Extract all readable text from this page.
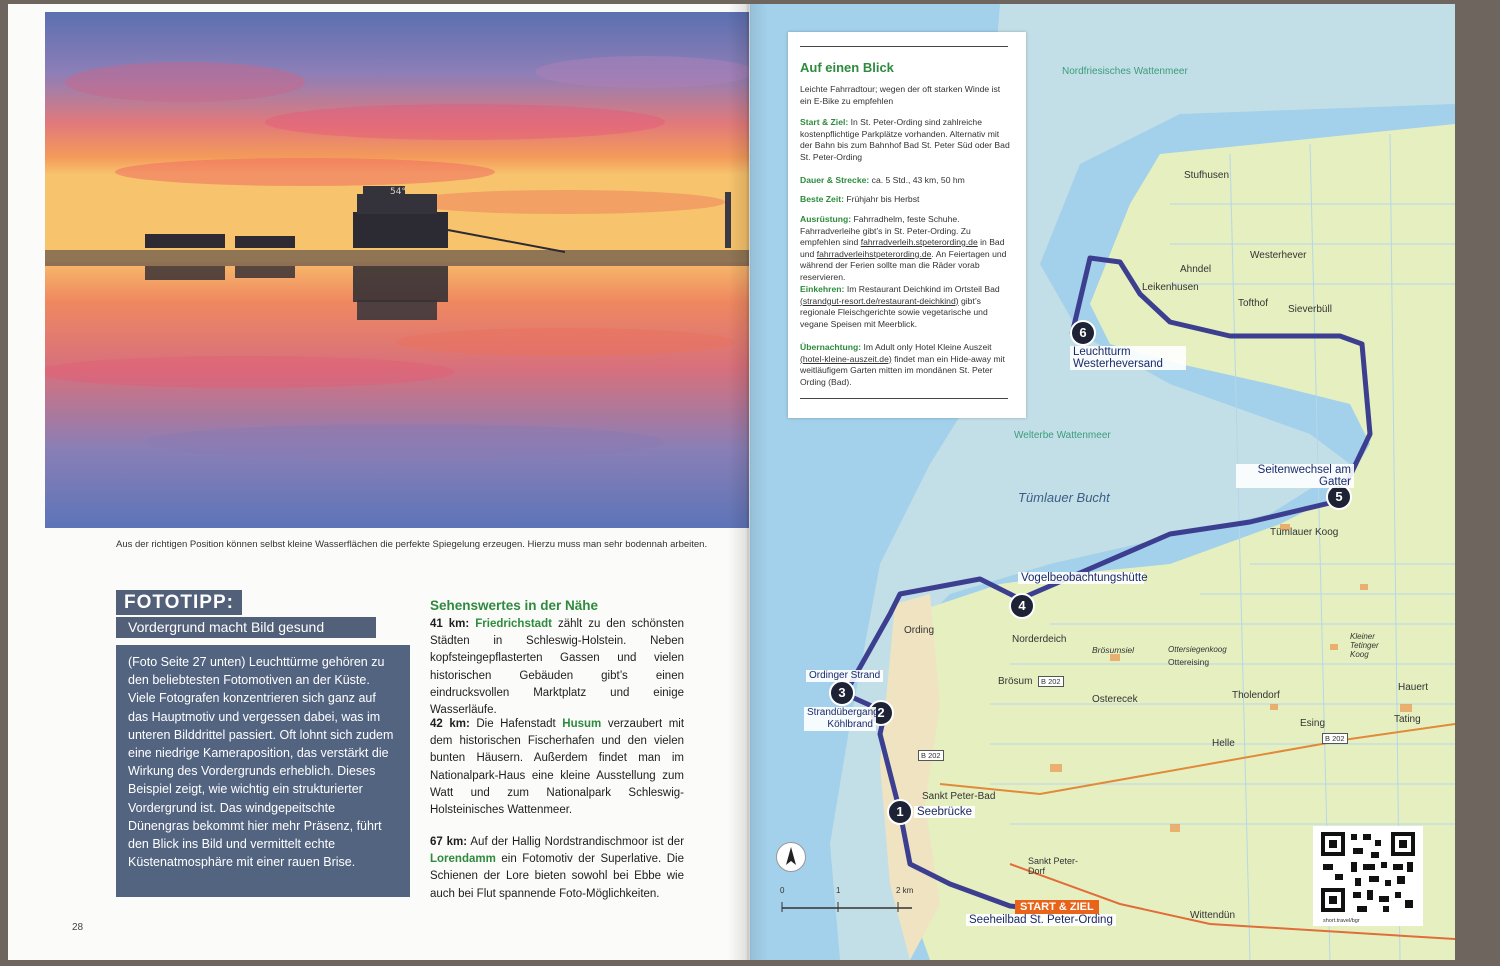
54°
Aus der richtigen Position können selbst kleine Wasserflächen die perfekte Spiegelung erzeugen. Hierzu muss man sehr bodennah arbeiten.
FOTOTIPP:
Vordergrund macht Bild gesund

(Foto Seite 27 unten) Leuchttürme gehören zu den beliebtesten Fotomotiven an der Küste. Viele Fotografen konzentrieren sich ganz auf das Hauptmotiv und vergessen dabei, was im unteren Bilddrittel passiert. Oft lohnt sich zudem eine niedrige Kameraposition, das verstärkt die Wirkung des Vordergrunds erheblich. Dieses Beispiel zeigt, wie wichtig ein strukturierter Vordergrund ist. Das windgepeitschte Dünengras bekommt hier mehr Präsenz, führt den Blick ins Bild und vermittelt echte Küstenatmosphäre mit einer rauen Brise.

Sehenswertes in der Nähe
41 km: Friedrichstadt zählt zu den schönsten Städten in Schleswig-Holstein. Neben kopfsteingepflasterten Gassen und vielen historischen Gebäuden gibt’s einen eindrucksvollen Marktplatz und einige Wasserläufe.
42 km: Die Hafenstadt Husum verzaubert mit dem historischen Fischerhafen und den vielen bunten Häusern. Außerdem findet man im Nationalpark-Haus eine kleine Ausstellung zum Watt und zum Nationalpark Schleswig-Holsteinisches Wattenmeer.
67 km: Auf der Hallig Nordstrandischmoor ist der Lorendamm ein Fotomotiv der Superlative. Die Schienen der Lore bieten sowohl bei Ebbe wie auch bei Flut spannende Foto-Möglichkeiten.
28
Nordfriesisches Wattenmeer
Welterbe Wattenmeer
Tümlauer Bucht
Stufhusen
Westerhever
Ahndel
Leikenhusen
Tofthof
Sieverbüll
Tümlauer Koog
Norderdeich
Brösumsiel
Ording
Brösum
Osterecek	Tholendorf
Hauert
Tating
Esing
Helle
Sankt Peter-Bad
Sankt Peter-Dorf
Wittendün
Kleiner Tetinger Koog
Ottersiegenkoog
Ottereising
B 202
B 202
B 202
1	Seebrücke
2
Strandübergang Köhlbrand
3
Ordinger Strand
4
Vogelbeobachtungshütte
5
Seitenwechsel am Gatter
6
Leuchtturm Westerheversand
START & ZIEL
Seeheilbad St. Peter-Ording
0	1	2 km
short.travel/bgr
Auf einen Blick
Leichte Fahrradtour; wegen der oft starken Winde ist ein E-Bike zu empfehlen
Start & Ziel: In St. Peter-Ording sind zahlreiche kostenpflichtige Parkplätze vorhanden. Alternativ mit der Bahn bis zum Bahnhof Bad St. Peter Süd oder Bad St. Peter-Ording
Dauer & Strecke: ca. 5 Std., 43 km, 50 hm
Beste Zeit: Frühjahr bis Herbst
Ausrüstung: Fahrradhelm, feste Schuhe. Fahrradverleihe gibt’s in St. Peter-Ording. Zu empfehlen sind fahrradverleih.stpeterording.de in Bad und fahrradverleihstpeterording.de. An Feiertagen und während der Ferien sollte man die Räder vorab reservieren.
Einkehren: Im Restaurant Deichkind im Ortsteil Bad (strandgut-resort.de/restaurant-deichkind) gibt’s regionale Fleischgerichte sowie vegetarische und vegane Speisen mit Meerblick.
Übernachtung: Im Adult only Hotel Kleine Auszeit (hotel-kleine-auszeit.de) findet man ein Hide-away mit weitläufigem Garten mitten im mondänen St. Peter Ording (Bad).
